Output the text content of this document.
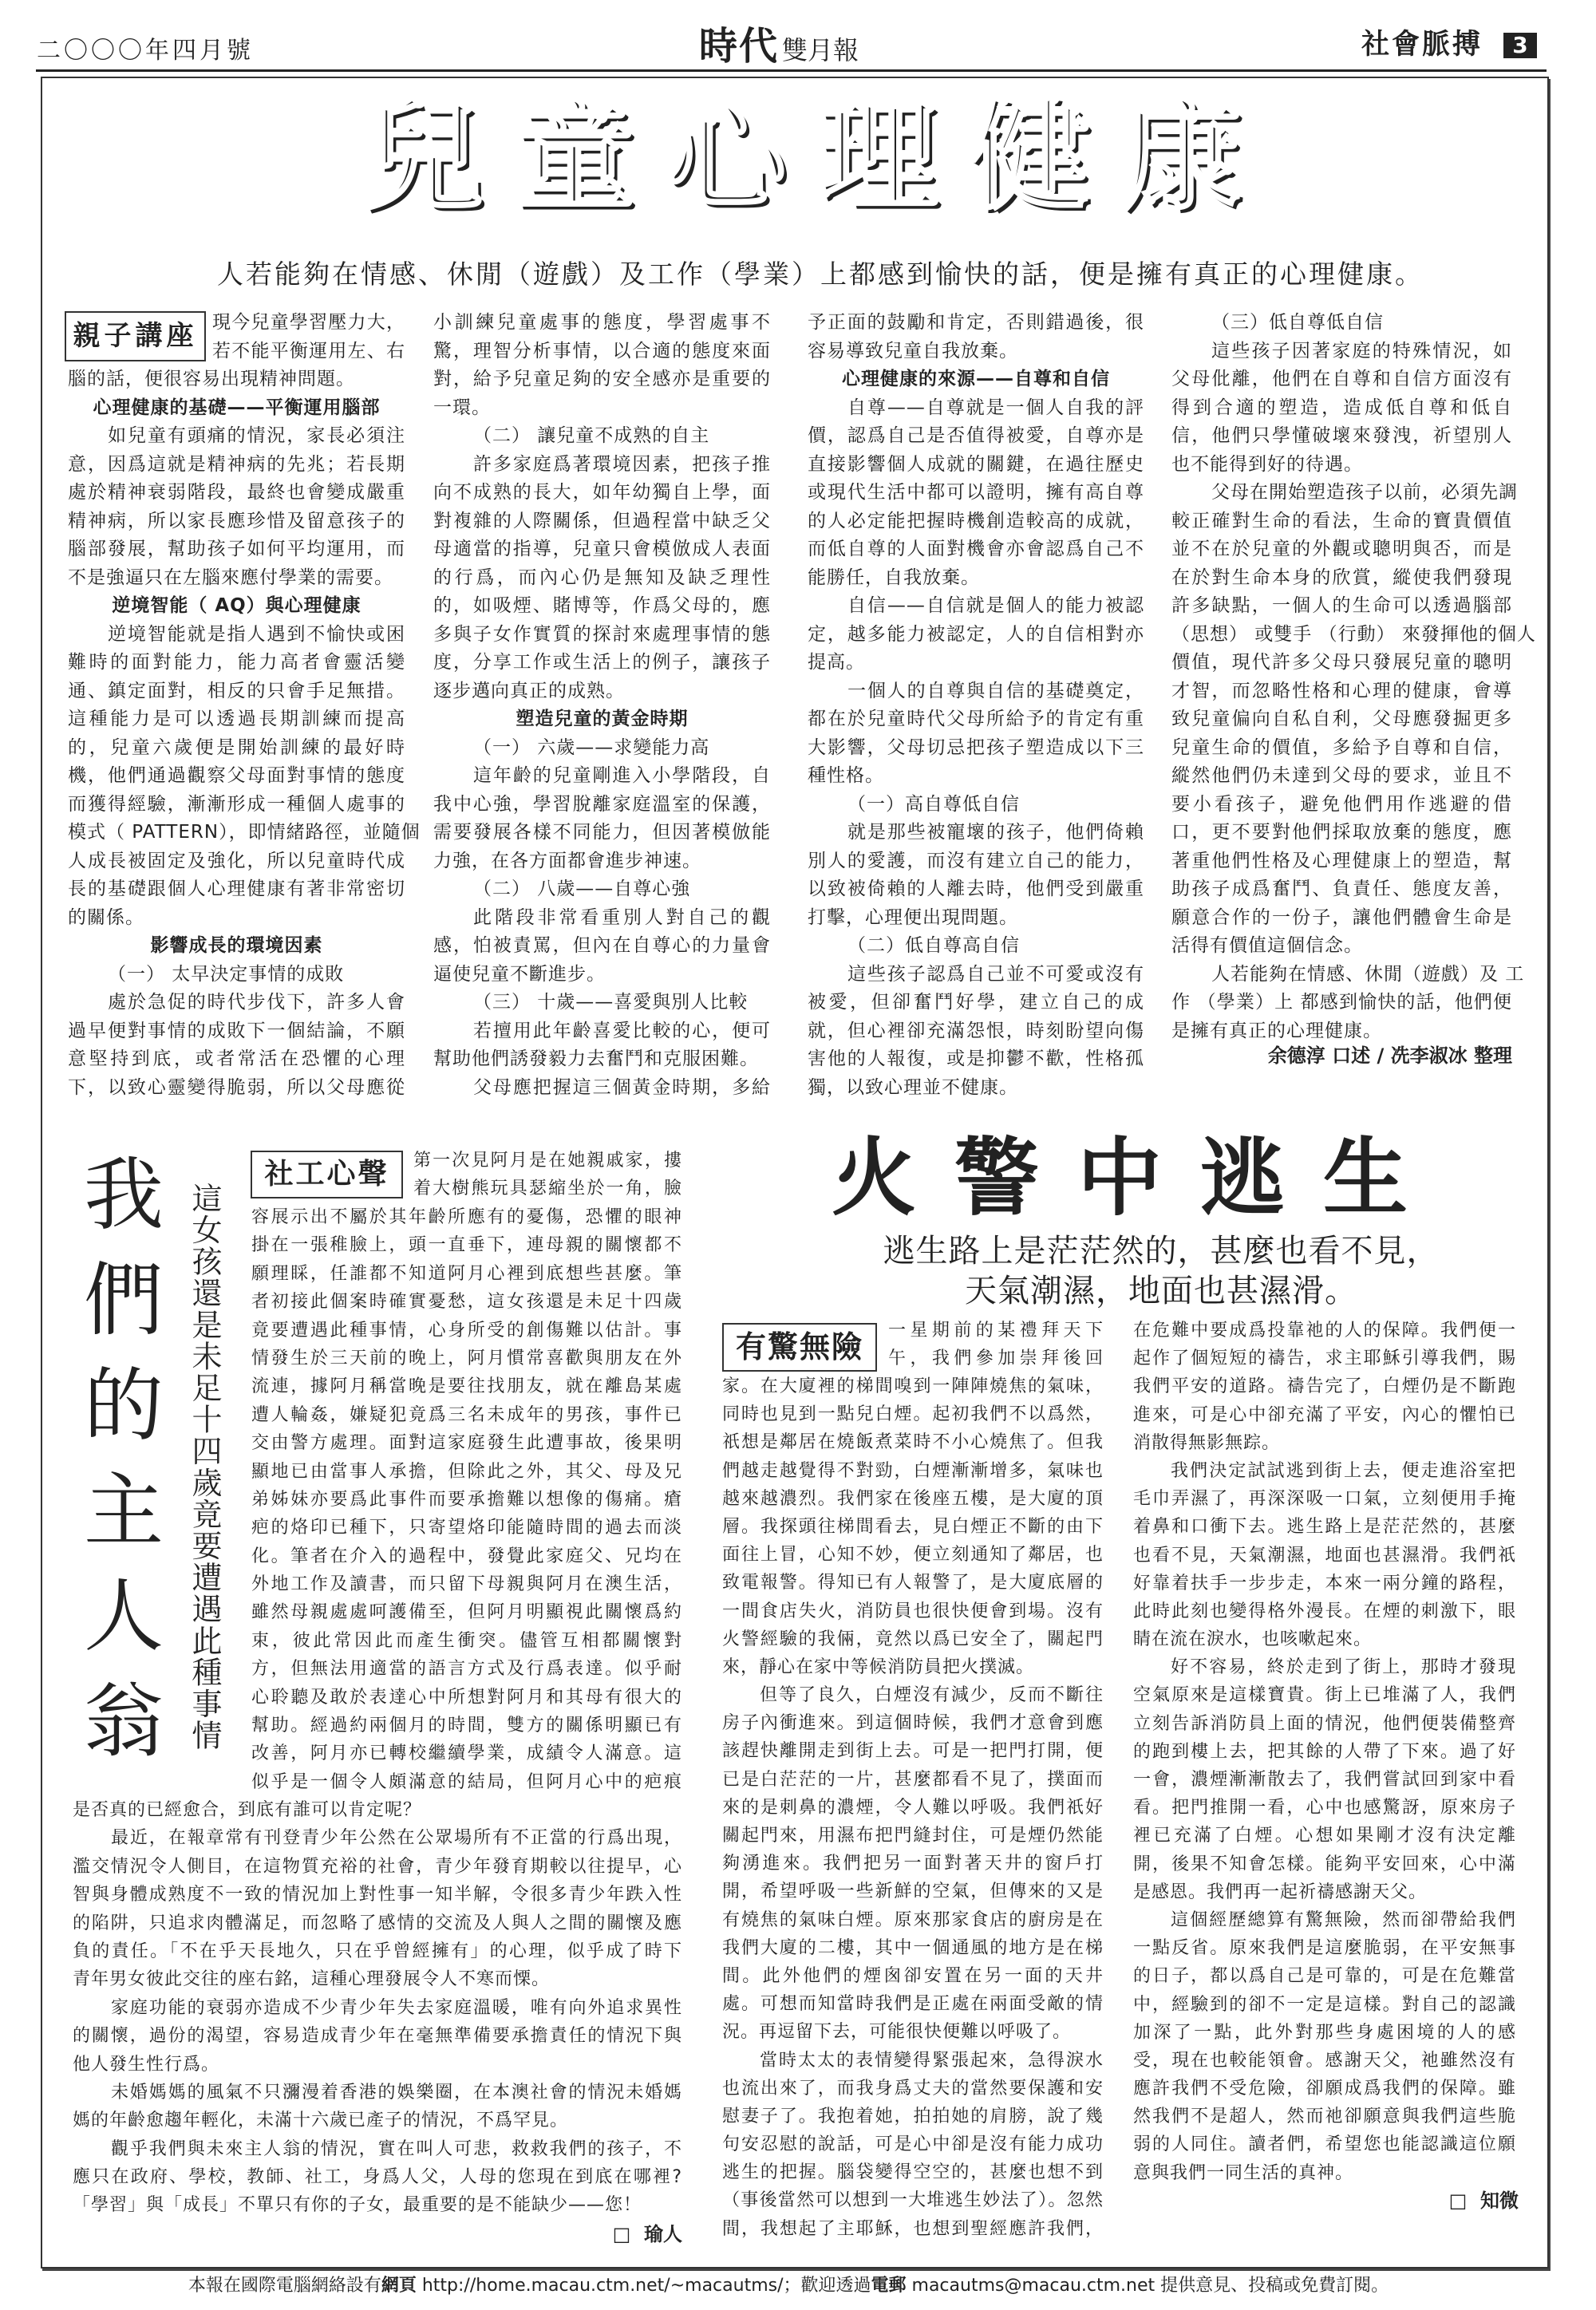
二〇〇〇年四月號	時代 雙月報	社會脈搏	3
兒童心理健康
人若能夠在情感、休閒（遊戲）及工作（學業）上都感到愉快的話，便是擁有真正的心理健康。
親子講座 現今兒童學習壓力大，
若不能平衡運用左、右
腦的話，便很容易出現精神問題。
心理健康的基礎——平衡運用腦部
如兒童有頭痛的情況，家長必須注
意，因爲這就是精神病的先兆；若長期
處於精神衰弱階段，最終也會變成嚴重
精神病，所以家長應珍惜及留意孩子的
腦部發展，幫助孩子如何平均運用，而
不是強逼只在左腦來應付學業的需要。
逆境智能（ AQ）與心理健康
逆境智能就是指人遇到不愉快或困
難時的面對能力，能力高者會靈活變
通、鎮定面對，相反的只會手足無措。
這種能力是可以透過長期訓練而提高
的，兒童六歲便是開始訓練的最好時
機，他們通過觀察父母面對事情的態度
而獲得經驗，漸漸形成一種個人處事的
模式（ PATTERN），即情緒路徑，並隨個
人成長被固定及強化，所以兒童時代成
長的基礎跟個人心理健康有著非常密切
的關係。
影響成長的環境因素
（一） 太早決定事情的成敗
處於急促的時代步伐下，許多人會
過早便對事情的成敗下一個結論，不願
意堅持到底，或者常活在恐懼的心理
下，以致心靈變得脆弱，所以父母應從
小訓練兒童處事的態度，學習處事不
驚，理智分析事情，以合適的態度來面
對，給予兒童足夠的安全感亦是重要的
一環。
（二） 讓兒童不成熟的自主
許多家庭爲著環境因素，把孩子推
向不成熟的長大，如年幼獨自上學，面
對複雜的人際關係，但過程當中缺乏父
母適當的指導，兒童只會模倣成人表面
的行爲，而內心仍是無知及缺乏理性
的，如吸煙、賭博等，作爲父母的，應
多與子女作實質的探討來處理事情的態
度，分享工作或生活上的例子，讓孩子
逐步邁向真正的成熟。
塑造兒童的黃金時期
（一） 六歲——求變能力高
這年齡的兒童剛進入小學階段，自
我中心強，學習脫離家庭溫室的保護，
需要發展各樣不同能力，但因著模倣能
力強，在各方面都會進步神速。
（二） 八歲——自尊心強
此階段非常看重別人對自己的觀
感，怕被責罵，但內在自尊心的力量會
逼使兒童不斷進步。
（三） 十歲——喜愛與別人比較
若擅用此年齡喜愛比較的心，便可
幫助他們誘發毅力去奮鬥和克服困難。
父母應把握這三個黃金時期，多給
予正面的鼓勵和肯定，否則錯過後，很
容易導致兒童自我放棄。
心理健康的來源——自尊和自信
自尊——自尊就是一個人自我的評
價，認爲自己是否值得被愛，自尊亦是
直接影響個人成就的關鍵，在過往歷史
或現代生活中都可以證明，擁有高自尊
的人必定能把握時機創造較高的成就，
而低自尊的人面對機會亦會認爲自己不
能勝任，自我放棄。
自信——自信就是個人的能力被認
定，越多能力被認定，人的自信相對亦
提高。
一個人的自尊與自信的基礎奠定，
都在於兒童時代父母所給予的肯定有重
大影響，父母切忌把孩子塑造成以下三
種性格。
（一）高自尊低自信
就是那些被寵壞的孩子，他們倚賴
別人的愛護，而沒有建立自己的能力，
以致被倚賴的人離去時，他們受到嚴重
打擊，心理便出現問題。
（二）低自尊高自信
這些孩子認爲自己並不可愛或沒有
被愛，但卻奮鬥好學，建立自己的成
就，但心裡卻充滿怨恨，時刻盼望向傷
害他的人報復，或是抑鬱不歡，性格孤
獨，以致心理並不健康。
（三）低自尊低自信
這些孩子因著家庭的特殊情況，如
父母仳離，他們在自尊和自信方面沒有
得到合適的塑造，造成低自尊和低自
信，他們只學懂破壞來發洩，祈望別人
也不能得到好的待遇。
父母在開始塑造孩子以前，必須先調
較正確對生命的看法，生命的寶貴價值
並不在於兒童的外觀或聰明與否，而是
在於對生命本身的欣賞，縱使我們發現
許多缺點，一個人的生命可以透過腦部
（思想） 或雙手 （行動） 來發揮他的個人
價值，現代許多父母只發展兒童的聰明
才智，而忽略性格和心理的健康，會導
致兒童偏向自私自利，父母應發掘更多
兒童生命的價值，多給予自尊和自信，
縱然他們仍未達到父母的要求，並且不
要小看孩子，避免他們用作逃避的借
口，更不要對他們採取放棄的態度，應
著重他們性格及心理健康上的塑造，幫
助孩子成爲奮鬥、負責任、態度友善，
願意合作的一份子，讓他們體會生命是
活得有價值這個信念。
人若能夠在情感、休閒（遊戲）及 工
作 （學業）上 都感到愉快的話，他們便
是擁有真正的心理健康。
余德淳 口述 / 冼李淑冰 整理
我們的主人翁 這女孩還是未足十四歲竟要遭遇此種事情
社工心聲	第一次見阿月是在她親戚家，摟
着大樹熊玩具瑟縮坐於一角，臉
容展示出不屬於其年齡所應有的憂傷，恐懼的眼神
掛在一張稚臉上，頭一直垂下，連母親的關懷都不
願理睬，任誰都不知道阿月心裡到底想些甚麼。筆
者初接此個案時確實憂愁，這女孩還是未足十四歲
竟要遭遇此種事情，心身所受的創傷難以估計。事
情發生於三天前的晚上，阿月慣常喜歡與朋友在外
流連，據阿月稱當晚是要往找朋友，就在離島某處
遭人輪姦，嫌疑犯竟爲三名未成年的男孩，事件已
交由警方處理。面對這家庭發生此遭事故，後果明
顯地已由當事人承擔，但除此之外，其父、母及兄
弟姊妹亦要爲此事件而要承擔難以想像的傷痛。瘡
疤的烙印已種下，只寄望烙印能隨時間的過去而淡
化。筆者在介入的過程中，發覺此家庭父、兄均在
外地工作及讀書，而只留下母親與阿月在澳生活，
雖然母親處處呵護備至，但阿月明顯視此關懷爲約
束，彼此常因此而產生衝突。儘管互相都關懷對
方，但無法用適當的語言方式及行爲表達。似乎耐
心聆聽及敢於表達心中所想對阿月和其母有很大的
幫助。經過約兩個月的時間，雙方的關係明顯已有
改善，阿月亦已轉校繼續學業，成績令人滿意。這
似乎是一個令人頗滿意的結局，但阿月心中的疤痕
是否真的已經愈合，到底有誰可以肯定呢？
最近，在報章常有刊登青少年公然在公眾場所有不正當的行爲出現，
濫交情況令人側目，在這物質充裕的社會，青少年發育期較以往提早，心
智與身體成熟度不一致的情況加上對性事一知半解，令很多青少年跌入性
的陷阱，只追求肉體滿足，而忽略了感情的交流及人與人之間的關懷及應
負的責任。「不在乎天長地久，只在乎曾經擁有」的心理，似乎成了時下
青年男女彼此交往的座右銘，這種心理發展令人不寒而慄。
家庭功能的衰弱亦造成不少青少年失去家庭溫暖，唯有向外追求異性
的關懷，過份的渴望，容易造成青少年在毫無準備要承擔責任的情況下與
他人發生性行爲。
未婚媽媽的風氣不只瀰漫着香港的娛樂圈，在本澳社會的情況未婚媽
媽的年齡愈趨年輕化，未滿十六歲已產子的情況，不爲罕見。
觀乎我們與未來主人翁的情況，實在叫人可悲，救救我們的孩子，不
應只在政府、學校，教師、社工，身爲人父，人母的您現在到底在哪裡?
「學習」與「成長」不單只有你的子女，最重要的是不能缺少——您！
□  瑜人
火警中逃生
逃生路上是茫茫然的，甚麼也看不見，
天氣潮濕，地面也甚濕滑。
有驚無險	一星期前的某禮拜天下
午，我們參加崇拜後回
家。在大廈裡的梯間嗅到一陣陣燒焦的氣味，
同時也見到一點兒白煙。起初我們不以爲然，
祇想是鄰居在燒飯煮菜時不小心燒焦了。但我
們越走越覺得不對勁，白煙漸漸增多，氣味也
越來越濃烈。我們家在後座五樓，是大廈的頂
層。我探頭往梯間看去，見白煙正不斷的由下
面往上冒，心知不妙，便立刻通知了鄰居，也
致電報警。得知已有人報警了，是大廈底層的
一間食店失火，消防員也很快便會到場。沒有
火警經驗的我倆，竟然以爲已安全了，關起門
來，靜心在家中等候消防員把火撲滅。
但等了良久，白煙沒有減少，反而不斷往
房子內衝進來。到這個時候，我們才意會到應
該趕快離開走到街上去。可是一把門打開，便
已是白茫茫的一片，甚麼都看不見了，撲面而
來的是刺鼻的濃煙，令人難以呼吸。我們祇好
關起門來，用濕布把門縫封住，可是煙仍然能
夠湧進來。我們把另一面對著天井的窗戶打
開，希望呼吸一些新鮮的空氣，但傳來的又是
有燒焦的氣味白煙。原來那家食店的廚房是在
我們大廈的二樓，其中一個通風的地方是在梯
間。此外他們的煙囪卻安置在另一面的天井
處。可想而知當時我們是正處在兩面受敵的情
況。再逗留下去，可能很快便難以呼吸了。
當時太太的表情變得緊張起來，急得淚水
也流出來了，而我身爲丈夫的當然要保護和安
慰妻子了。我抱着她，拍拍她的肩膀，說了幾
句安忍慰的說話，可是心中卻是沒有能力成功
逃生的把握。腦袋變得空空的，甚麼也想不到
（事後當然可以想到一大堆逃生妙法了）。忽然
間，我想起了主耶穌，也想到聖經應許我們，
在危難中要成爲投靠祂的人的保障。我們便一
起作了個短短的禱告，求主耶穌引導我們，賜
我們平安的道路。禱告完了，白煙仍是不斷跑
進來，可是心中卻充滿了平安，內心的懼怕已
消散得無影無踪。
我們決定試試逃到街上去，便走進浴室把
毛巾弄濕了，再深深吸一口氣，立刻便用手掩
着鼻和口衝下去。逃生路上是茫茫然的，甚麼
也看不見，天氣潮濕，地面也甚濕滑。我們祇
好靠着扶手一步步走，本來一兩分鐘的路程，
此時此刻也變得格外漫長。在煙的刺激下，眼
睛在流在淚水，也咳嗽起來。
好不容易，終於走到了街上，那時才發現
空氣原來是這樣寶貴。街上已堆滿了人，我們
立刻告訴消防員上面的情況，他們便裝備整齊
的跑到樓上去，把其餘的人帶了下來。過了好
一會，濃煙漸漸散去了，我們嘗試回到家中看
看。把門推開一看，心中也感驚訝，原來房子
裡已充滿了白煙。心想如果剛才沒有決定離
開，後果不知會怎樣。能夠平安回來，心中滿
是感恩。我們再一起祈禱感謝天父。
這個經歷總算有驚無險，然而卻帶給我們
一點反省。原來我們是這麼脆弱，在平安無事
的日子，都以爲自己是可靠的，可是在危難當
中，經驗到的卻不一定是這樣。對自己的認識
加深了一點，此外對那些身處困境的人的感
受，現在也較能領會。感謝天父，祂雖然沒有
應許我們不受危險，卻願成爲我們的保障。雖
然我們不是超人，然而祂卻願意與我們這些脆
弱的人同住。讀者們，希望您也能認識這位願
意與我們一同生活的真神。
□  知微
本報在國際電腦網絡設有網頁 http://home.macau.ctm.net/~macautms/；歡迎透過電郵 macautms@macau.ctm.net 提供意見、投稿或免費訂閱。
